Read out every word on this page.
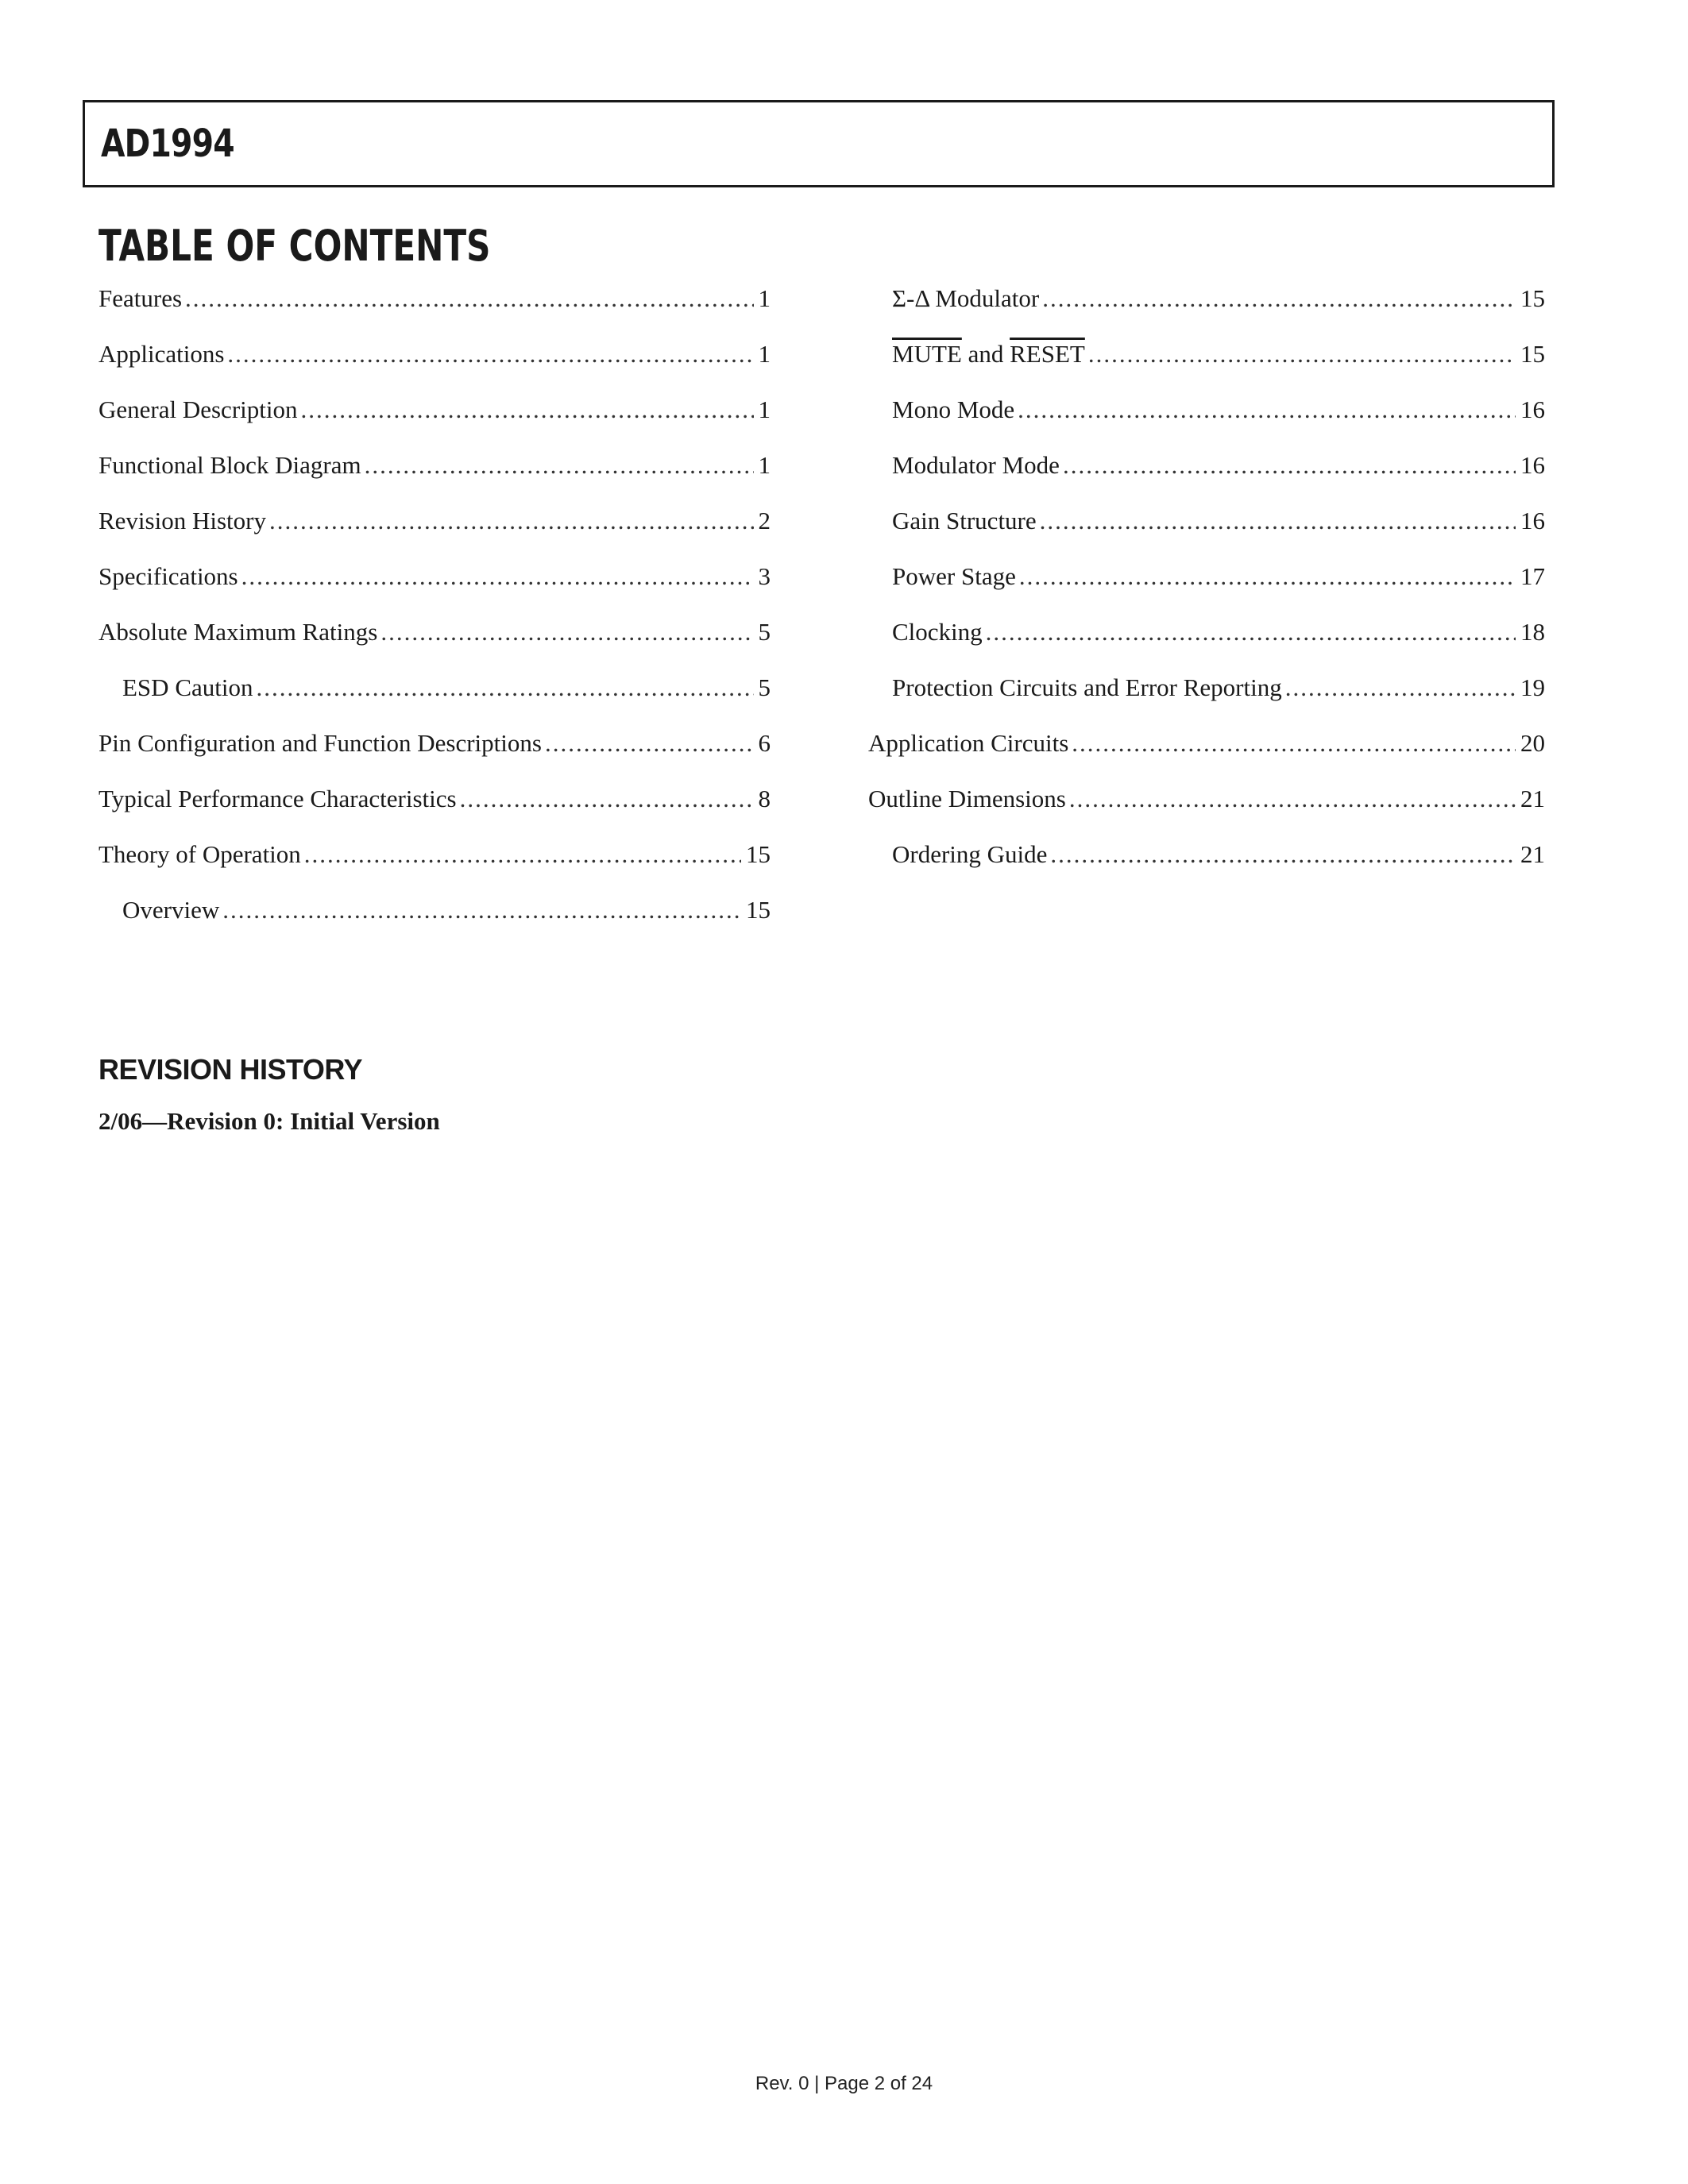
AD1994
TABLE OF CONTENTS
Features .....	1
Applications .....	1
General Description .....	1
Functional Block Diagram .....	1
Revision History .....	2
Specifications .....	3
Absolute Maximum Ratings .....	5
ESD Caution .....	5
Pin Configuration and Function Descriptions .....	6
Typical Performance Characteristics .....	8
Theory of Operation .....	15
Overview .....	15
Σ-Δ Modulator .....	15
MUTE and RESET .....	15
Mono Mode .....	16
Modulator Mode .....	16
Gain Structure .....	16
Power Stage .....	17
Clocking .....	18
Protection Circuits and Error Reporting .....	19
Application Circuits .....	20
Outline Dimensions .....	21
Ordering Guide .....	21
REVISION HISTORY
2/06—Revision 0: Initial Version
Rev. 0 | Page 2 of 24
